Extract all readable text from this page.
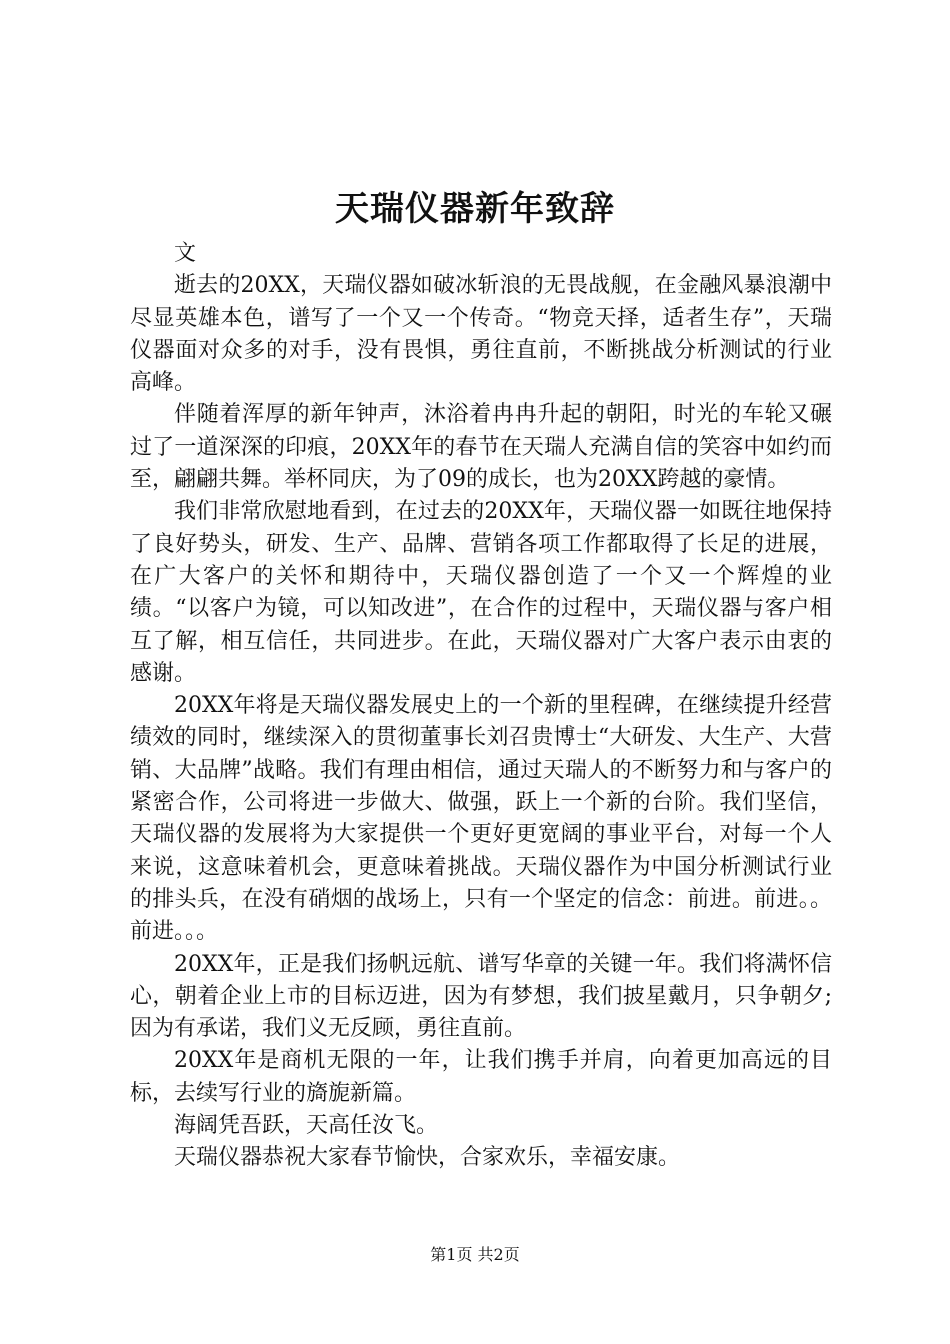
天瑞仪器新年致辞

文

逝去的20XX，天瑞仪器如破冰斩浪的无畏战舰，在金融风暴浪潮中尽显英雄本色，谱写了一个又一个传奇。“物竞天择，适者生存”，天瑞仪器面对众多的对手，没有畏惧，勇往直前，不断挑战分析测试的行业高峰。

伴随着浑厚的新年钟声，沐浴着冉冉升起的朝阳，时光的车轮又碾过了一道深深的印痕，20XX年的春节在天瑞人充满自信的笑容中如约而至，翩翩共舞。举杯同庆，为了09的成长，也为20XX跨越的豪情。

我们非常欣慰地看到，在过去的20XX年，天瑞仪器一如既往地保持了良好势头，研发、生产、品牌、营销各项工作都取得了长足的进展，在广大客户的关怀和期待中，天瑞仪器创造了一个又一个辉煌的业绩。“以客户为镜，可以知改进”，在合作的过程中，天瑞仪器与客户相互了解，相互信任，共同进步。在此，天瑞仪器对广大客户表示由衷的感谢。

20XX年将是天瑞仪器发展史上的一个新的里程碑，在继续提升经营绩效的同时，继续深入的贯彻董事长刘召贵博士“大研发、大生产、大营销、大品牌”战略。我们有理由相信，通过天瑞人的不断努力和与客户的紧密合作，公司将进一步做大、做强，跃上一个新的台阶。我们坚信，天瑞仪器的发展将为大家提供一个更好更宽阔的事业平台，对每一个人来说，这意味着机会，更意味着挑战。天瑞仪器作为中国分析测试行业的排头兵，在没有硝烟的战场上，只有一个坚定的信念：前进。前进。。前进。。。

20XX年，正是我们扬帆远航、谱写华章的关键一年。我们将满怀信心，朝着企业上市的目标迈进，因为有梦想，我们披星戴月，只争朝夕;因为有承诺，我们义无反顾，勇往直前。

20XX年是商机无限的一年，让我们携手并肩，向着更加高远的目标，去续写行业的旖旎新篇。

海阔凭吾跃，天高任汝飞。

天瑞仪器恭祝大家春节愉快，合家欢乐，幸福安康。

第1页 共2页
